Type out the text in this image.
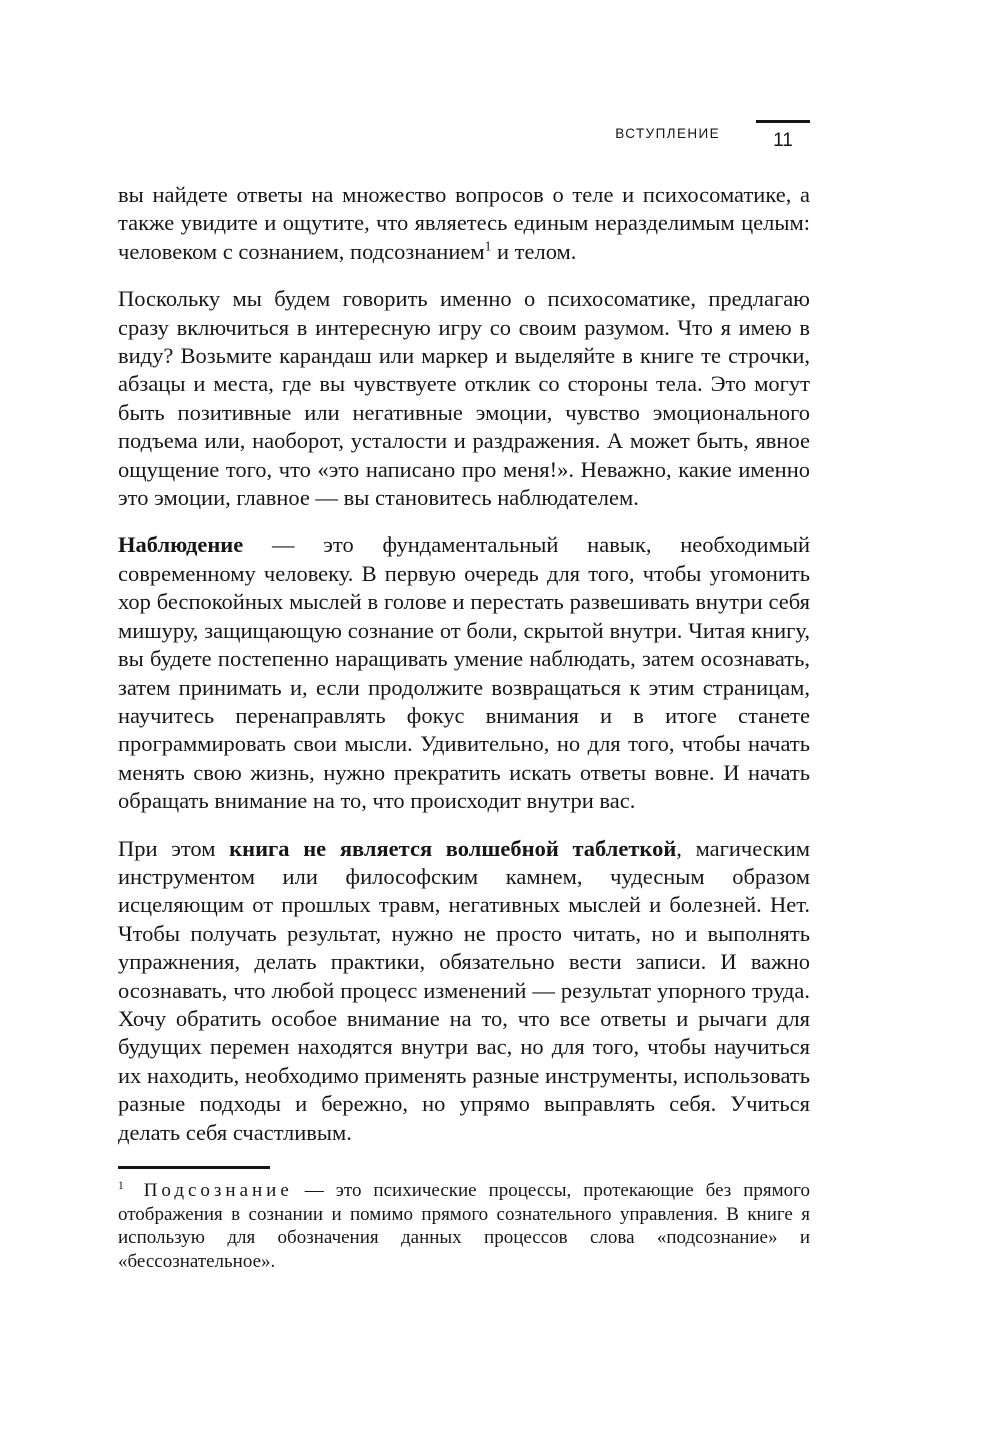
ВСТУПЛЕНИЕ	11

вы найдете ответы на множество вопросов о теле и психосоматике, а также увидите и ощутите, что являетесь единым неразделимым целым: человеком с сознанием, подсознанием$^1$ и телом.

Поскольку мы будем говорить именно о психосоматике, предлагаю сразу включиться в интересную игру со своим разумом. Что я имею в виду? Возьмите карандаш или маркер и выделяйте в книге те строчки, абзацы и места, где вы чувствуете отклик со стороны тела. Это могут быть позитивные или негативные эмоции, чувство эмоционального подъема или, наоборот, усталости и раздражения. А может быть, явное ощущение того, что «это написано про меня!». Неважно, какие именно это эмоции, главное — вы становитесь наблюдателем.

Наблюдение — это фундаментальный навык, необходимый современному человеку. В первую очередь для того, чтобы угомонить хор беспокойных мыслей в голове и перестать развешивать внутри себя мишуру, защищающую сознание от боли, скрытой внутри. Читая книгу, вы будете постепенно наращивать умение наблюдать, затем осознавать, затем принимать и, если продолжите возвращаться к этим страницам, научитесь перенаправлять фокус внимания и в итоге станете программировать свои мысли. Удивительно, но для того, чтобы начать менять свою жизнь, нужно прекратить искать ответы вовне. И начать обращать внимание на то, что происходит внутри вас.

При этом книга не является волшебной таблеткой, магическим инструментом или философским камнем, чудесным образом исцеляющим от прошлых травм, негативных мыслей и болезней. Нет. Чтобы получать результат, нужно не просто читать, но и выполнять упражнения, делать практики, обязательно вести записи. И важно осознавать, что любой процесс изменений — результат упорного труда. Хочу обратить особое внимание на то, что все ответы и рычаги для будущих перемен находятся внутри вас, но для того, чтобы научиться их находить, необходимо применять разные инструменты, использовать разные подходы и бережно, но упрямо выправлять себя. Учиться делать себя счастливым.

$^1$ Подсознание — это психические процессы, протекающие без прямого отображения в сознании и помимо прямого сознательного управления. В книге я использую для обозначения данных процессов слова «подсознание» и «бессознательное».
